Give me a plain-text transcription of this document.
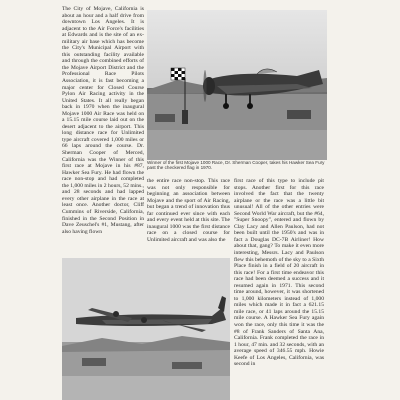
The City of Mojave, California is about an hour and a half drive from downtown Los Angeles. It is adjacent to the Air Force's facilities at Edwards and is the site of an ex-military air base which has become the City's Municipal Airport with this outstanding facility available and through the combined efforts of the Mojave Airport District and the Professional Race Pilots Association, it is fast becoming a major center for Closed Course Pylon Air Racing activity in the United States. It all really began back in 1970 when the inaugural Mojave 1000 Air Race was held on a 15.15 mile course laid out on the desert adjacent to the airport. This long distance race for Unlimited type aircraft covered 1,000 miles or 66 laps around the course. Dr. Sherman Cooper of Merced, California was the Winner of this first race at Mojave in his #87, Hawker Sea Fury. He had flown the race non-stop and had completed the 1,000 miles in 2 hours, 52 mins., and 28 seconds and had lapped every other airplane in the race at least once. Another doctor, Cliff Cummins of Riverside, California, finished in the Second Position in Dave Zeuschel's #1, Mustang, after also having flown

Winner of the first Mojave 1000 Race, Dr. Sherman Cooper, takes his Hawker Sea Fury past the checkered flag in 1970.

the entire race non-stop. This race was not only responsible for beginning an association between Mojave and the sport of Air Racing, but began a trend of innovation thus far continued ever since with each and every event held at this site. The inaugural 1000 was the first distance race on a closed course for Unlimited aircraft and was also the

first race of this type to include pit stops. Another first for this race involved the fact that the twenty airplane or the race was a little bit unusual! All of the other entries were Second World War aircraft, but the #64, "Super Snoopy", entered and flown by Clay Lacy and Allen Paulson, had not been built until the 1950's and was in fact a Douglas DC-7B Airliner! How about that, gang? To make it even more interesting, Messrs. Lacy and Paulson flew this behemoth of the sky to a Sixth Place finish in a field of 20 aircraft in this race! For a first time endeavor this race had been deemed a success and it resumed again in 1971. This second time around, however, it was shortened to 1,000 kilometers instead of 1,000 miles which made it in fact a 621.15 mile race, or 41 laps around the 15.15 mile course. A Hawker Sea Fury again won the race, only this time it was the #8 of Frank Sanders of Santa Ana, California. Frank completed the race in 1 hour, 47 min. and 32 seconds, with an average speed of 346.55 mph. Howie Keefe of Los Angeles, California, was second in
